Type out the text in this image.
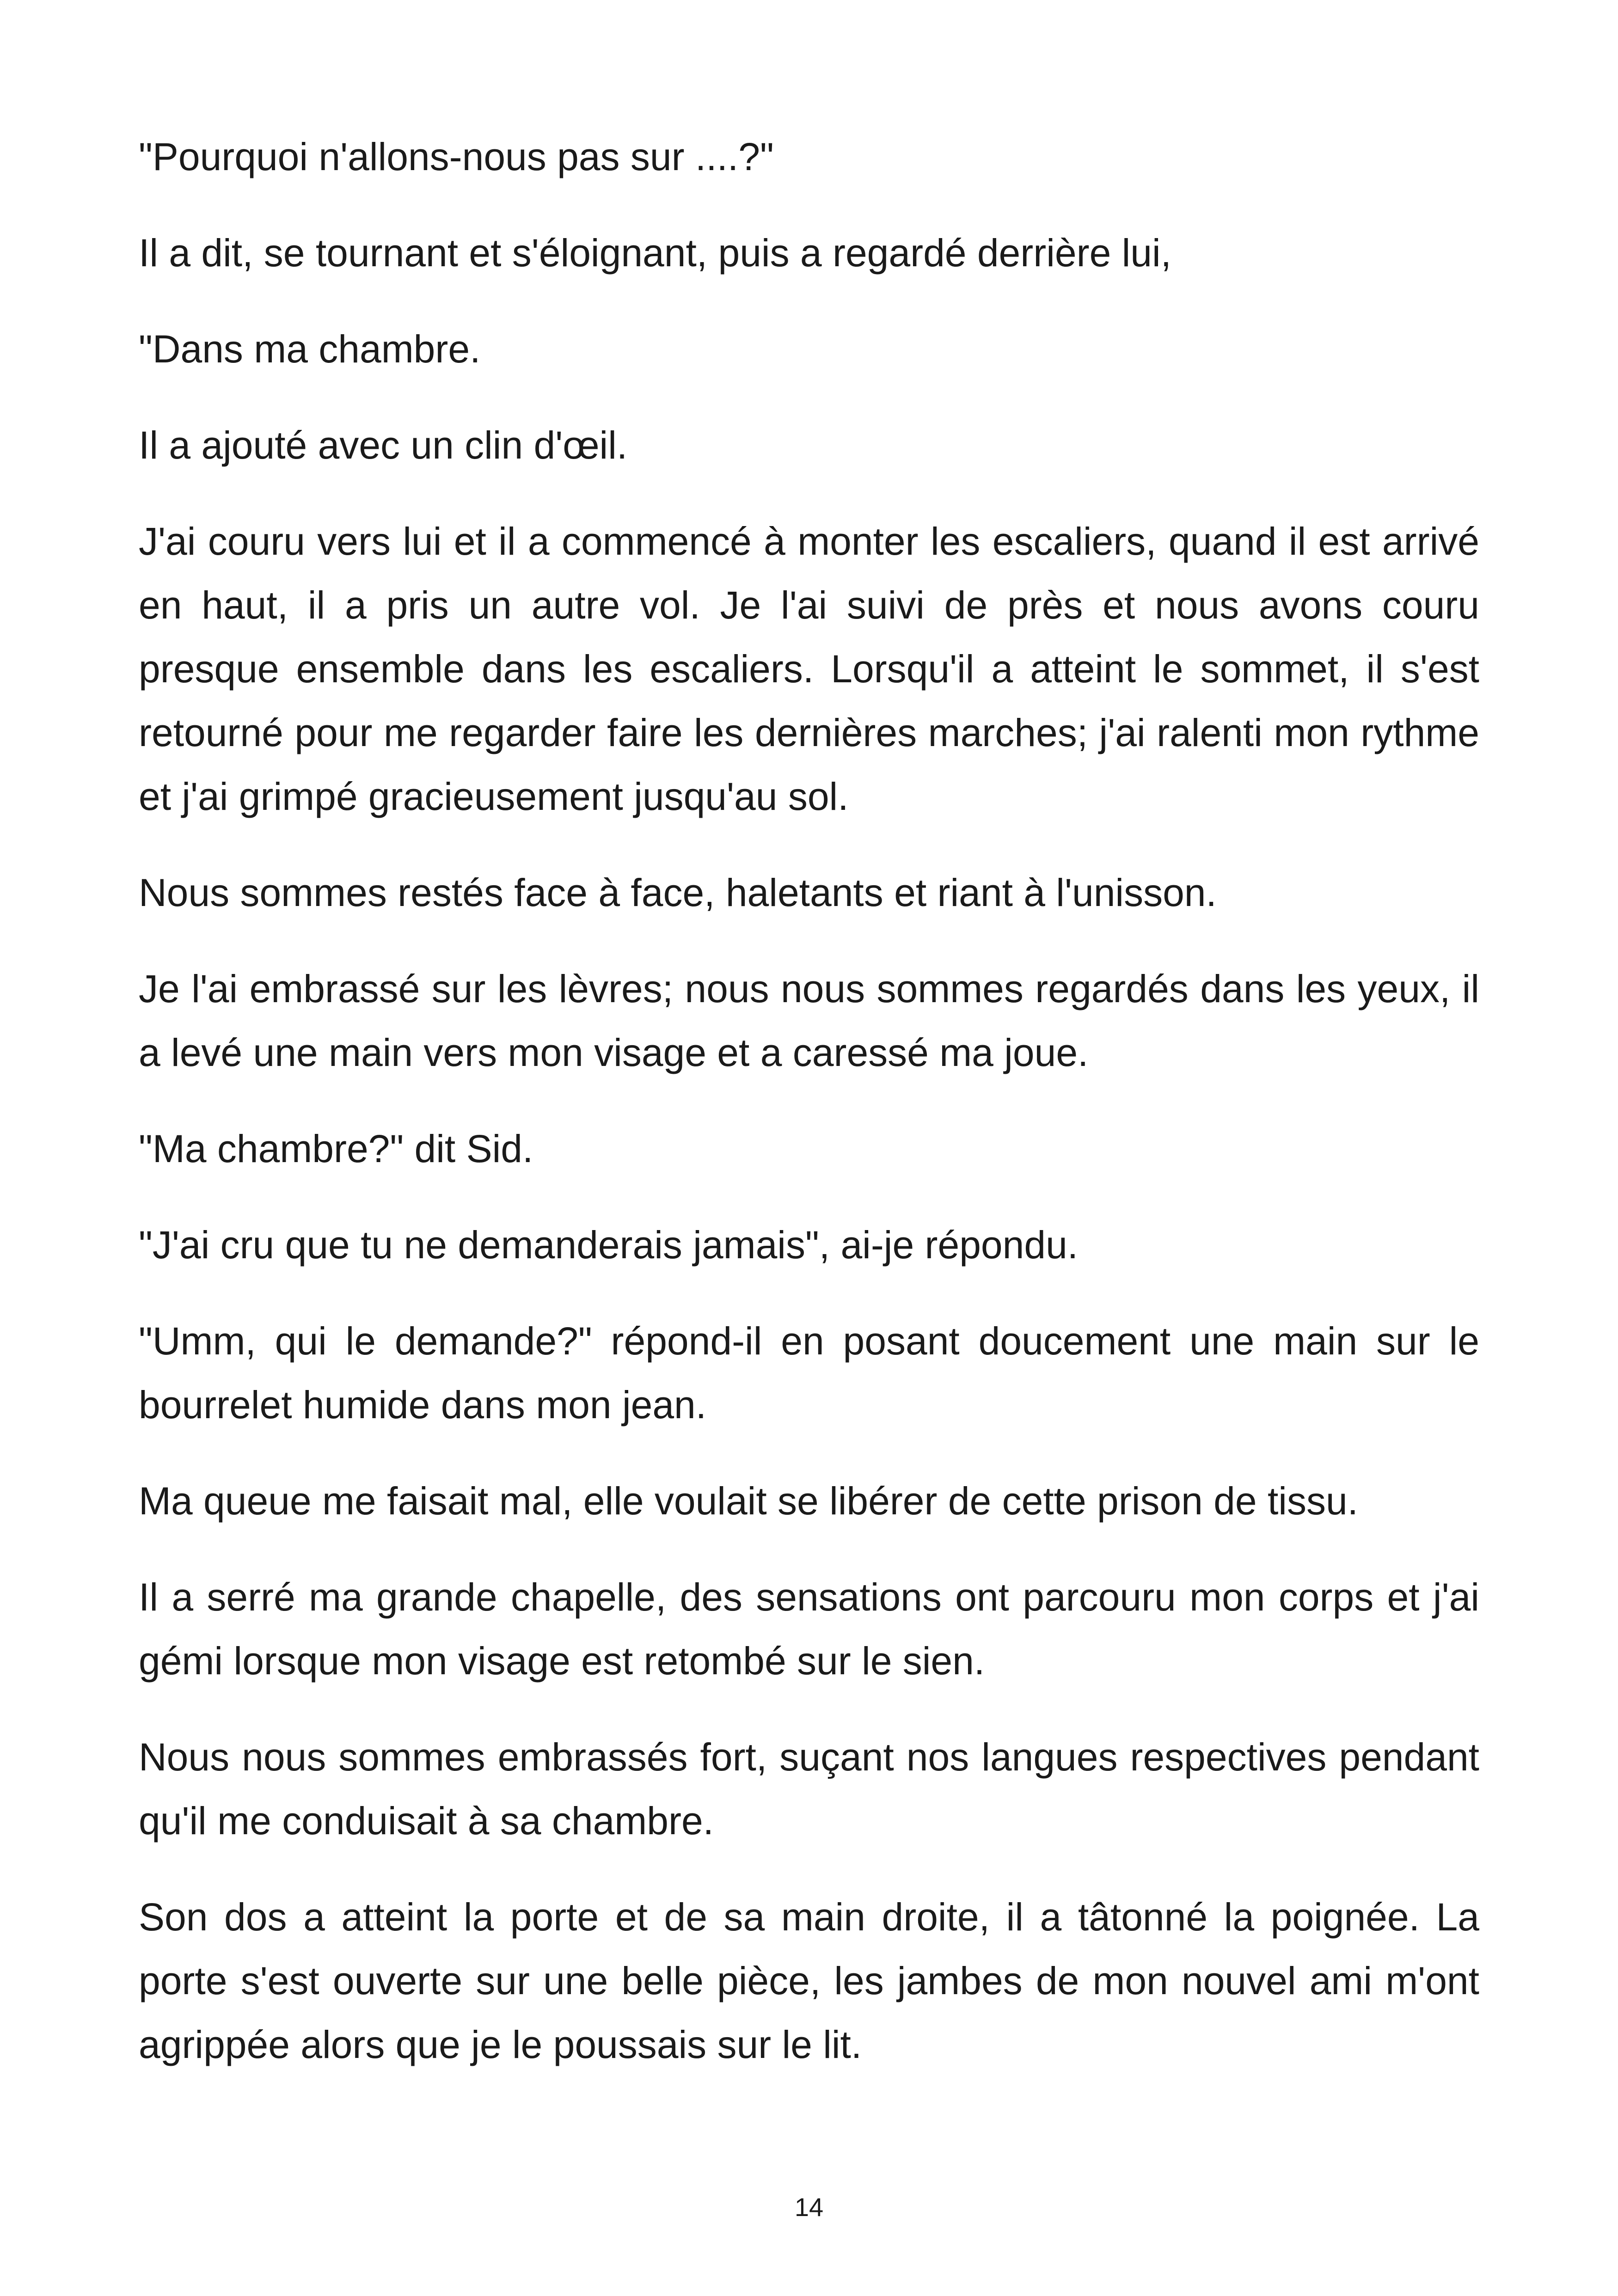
"Pourquoi n'allons-nous pas sur ....?"

Il a dit, se tournant et s'éloignant, puis a regardé derrière lui,

"Dans ma chambre.

Il a ajouté avec un clin d'œil.

J'ai couru vers lui et il a commencé à monter les escaliers, quand il est arrivé en haut, il a pris un autre vol. Je l'ai suivi de près et nous avons couru presque ensemble dans les escaliers. Lorsqu'il a atteint le sommet, il s'est retourné pour me regarder faire les dernières marches; j'ai ralenti mon rythme et j'ai grimpé gracieusement jusqu'au sol.

Nous sommes restés face à face, haletants et riant à l'unisson.

Je l'ai embrassé sur les lèvres; nous nous sommes regardés dans les yeux, il a levé une main vers mon visage et a caressé ma joue.

"Ma chambre?" dit Sid.

"J'ai cru que tu ne demanderais jamais", ai-je répondu.

"Umm, qui le demande?" répond-il en posant doucement une main sur le bourrelet humide dans mon jean.

Ma queue me faisait mal, elle voulait se libérer de cette prison de tissu.

Il a serré ma grande chapelle, des sensations ont parcouru mon corps et j'ai gémi lorsque mon visage est retombé sur le sien.

Nous nous sommes embrassés fort, suçant nos langues respectives pendant qu'il me conduisait à sa chambre.

Son dos a atteint la porte et de sa main droite, il a tâtonné la poignée. La porte s'est ouverte sur une belle pièce, les jambes de mon nouvel ami m'ont agrippée alors que je le poussais sur le lit.

14
